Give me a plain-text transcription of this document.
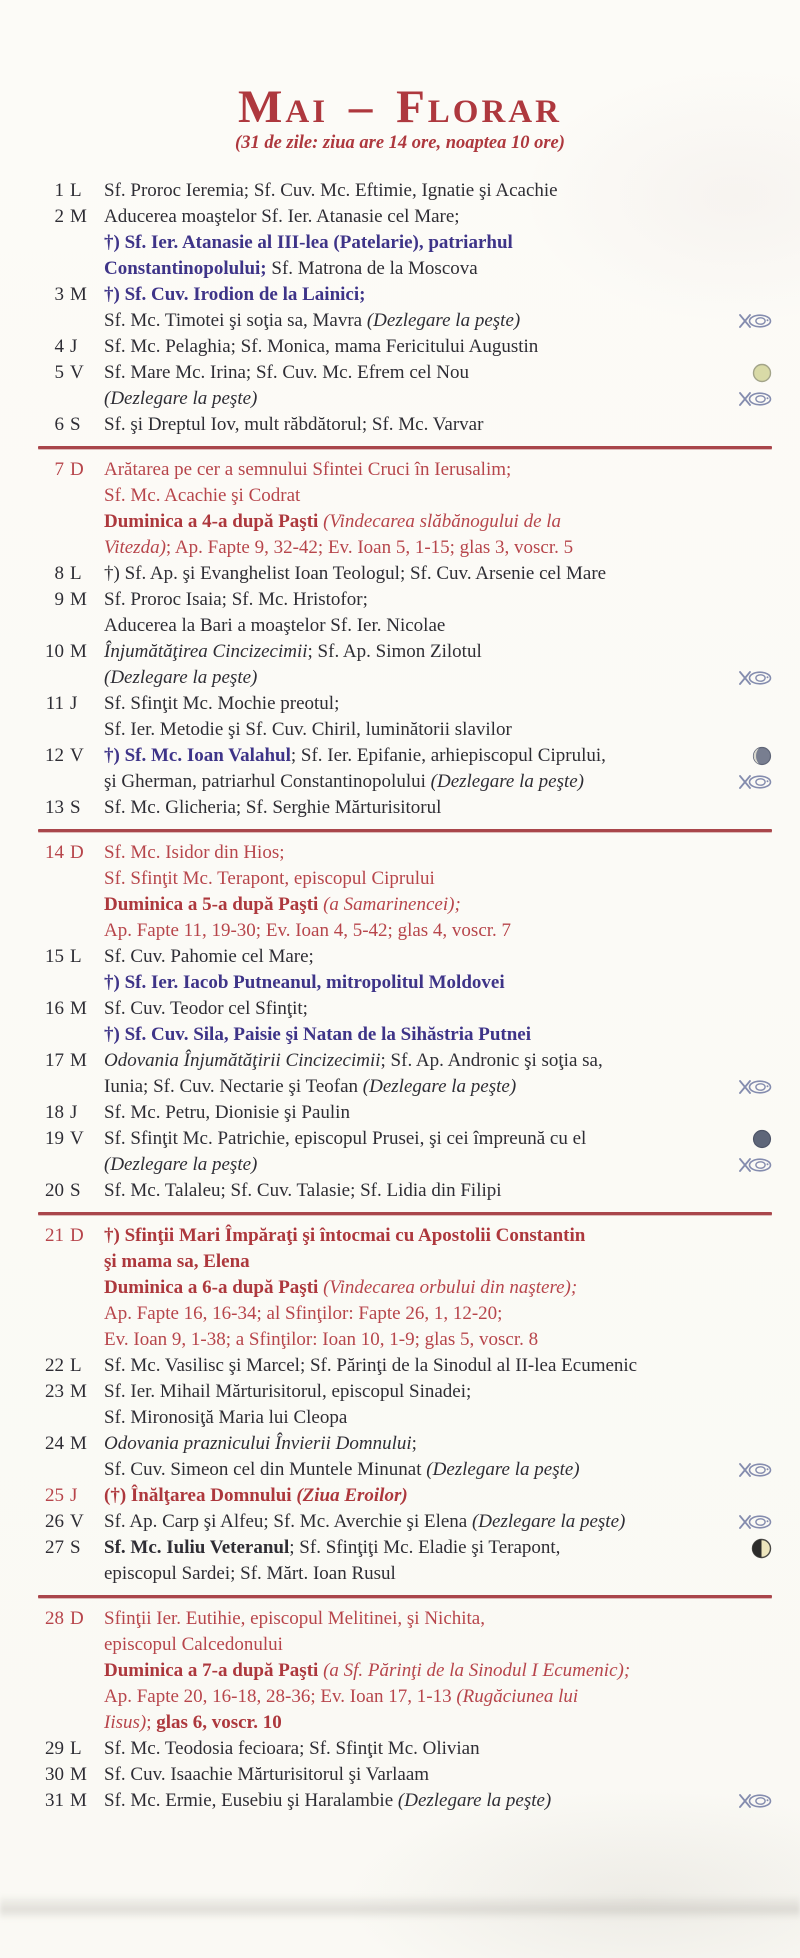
Mai – Florar
(31 de zile: ziua are 14 ore, noaptea 10 ore)
1 L	Sf. Proroc Ieremia; Sf. Cuv. Mc. Eftimie, Ignatie şi Acachie
2 M Aducerea moaştelor Sf. Ier. Atanasie cel Mare;
†) Sf. Ier. Atanasie al III-lea (Patelarie), patriarhul
Constantinopolului; Sf. Matrona de la Moscova
3 M †) Sf. Cuv. Irodion de la Lainici;
Sf. Mc. Timotei şi soţia sa, Mavra (Dezlegare la peşte)
4 J	Sf. Mc. Pelaghia; Sf. Monica, mama Fericitului Augustin
5 V	Sf. Mare Mc. Irina; Sf. Cuv. Mc. Efrem cel Nou
(Dezlegare la peşte)
6 S	Sf. şi Dreptul Iov, mult răbdătorul; Sf. Mc. Varvar
7 D	Arătarea pe cer a semnului Sfintei Cruci în Ierusalim;
Sf. Mc. Acachie şi Codrat
Duminica a 4-a după Paşti (Vindecarea slăbănogului de la
Vitezda); Ap. Fapte 9, 32-42; Ev. Ioan 5, 1-15; glas 3, voscr. 5
8 L	†) Sf. Ap. şi Evanghelist Ioan Teologul; Sf. Cuv. Arsenie cel Mare
9 M Sf. Proroc Isaia; Sf. Mc. Hristofor;
Aducerea la Bari a moaştelor Sf. Ier. Nicolae
10 M Înjumătăţirea Cincizecimii; Sf. Ap. Simon Zilotul
(Dezlegare la peşte)
11 J	Sf. Sfinţit Mc. Mochie preotul;
Sf. Ier. Metodie şi Sf. Cuv. Chiril, luminătorii slavilor
12 V	†) Sf. Mc. Ioan Valahul; Sf. Ier. Epifanie, arhiepiscopul Ciprului,
şi Gherman, patriarhul Constantinopolului (Dezlegare la peşte)
13 S	Sf. Mc. Glicheria; Sf. Serghie Mărturisitorul
14 D	Sf. Mc. Isidor din Hios;
Sf. Sfinţit Mc. Terapont, episcopul Ciprului
Duminica a 5-a după Paşti (a Samarinencei);
Ap. Fapte 11, 19-30; Ev. Ioan 4, 5-42; glas 4, voscr. 7
15 L	Sf. Cuv. Pahomie cel Mare;
†) Sf. Ier. Iacob Putneanul, mitropolitul Moldovei
16 M Sf. Cuv. Teodor cel Sfinţit;
†) Sf. Cuv. Sila, Paisie şi Natan de la Sihăstria Putnei
17 M Odovania Înjumătăţirii Cincizecimii; Sf. Ap. Andronic şi soţia sa,
Iunia; Sf. Cuv. Nectarie şi Teofan (Dezlegare la peşte)
18 J	Sf. Mc. Petru, Dionisie şi Paulin
19 V	Sf. Sfinţit Mc. Patrichie, episcopul Prusei, şi cei împreună cu el
(Dezlegare la peşte)
20 S	Sf. Mc. Talaleu; Sf. Cuv. Talasie; Sf. Lidia din Filipi
21 D	†) Sfinţii Mari Împăraţi şi întocmai cu Apostolii Constantin
şi mama sa, Elena
Duminica a 6-a după Paşti (Vindecarea orbului din naştere);
Ap. Fapte 16, 16-34; al Sfinţilor: Fapte 26, 1, 12-20;
Ev. Ioan 9, 1-38; a Sfinţilor: Ioan 10, 1-9; glas 5, voscr. 8
22 L	Sf. Mc. Vasilisc şi Marcel; Sf. Părinţi de la Sinodul al II-lea Ecumenic
23 M Sf. Ier. Mihail Mărturisitorul, episcopul Sinadei;
Sf. Mironosiţă Maria lui Cleopa
24 M Odovania praznicului Învierii Domnului;
Sf. Cuv. Simeon cel din Muntele Minunat (Dezlegare la peşte)
25 J	(†) Înălţarea Domnului (Ziua Eroilor)
26 V	Sf. Ap. Carp şi Alfeu; Sf. Mc. Averchie şi Elena (Dezlegare la peşte)
27 S	Sf. Mc. Iuliu Veteranul; Sf. Sfinţiţi Mc. Eladie şi Terapont,
episcopul Sardei; Sf. Mărt. Ioan Rusul
28 D	Sfinţii Ier. Eutihie, episcopul Melitinei, şi Nichita,
episcopul Calcedonului
Duminica a 7-a după Paşti (a Sf. Părinţi de la Sinodul I Ecumenic);
Ap. Fapte 20, 16-18, 28-36; Ev. Ioan 17, 1-13 (Rugăciunea lui
Iisus); glas 6, voscr. 10
29 L	Sf. Mc. Teodosia fecioara; Sf. Sfinţit Mc. Olivian
30 M Sf. Cuv. Isaachie Mărturisitorul şi Varlaam
31 M Sf. Mc. Ermie, Eusebiu şi Haralambie (Dezlegare la peşte)
